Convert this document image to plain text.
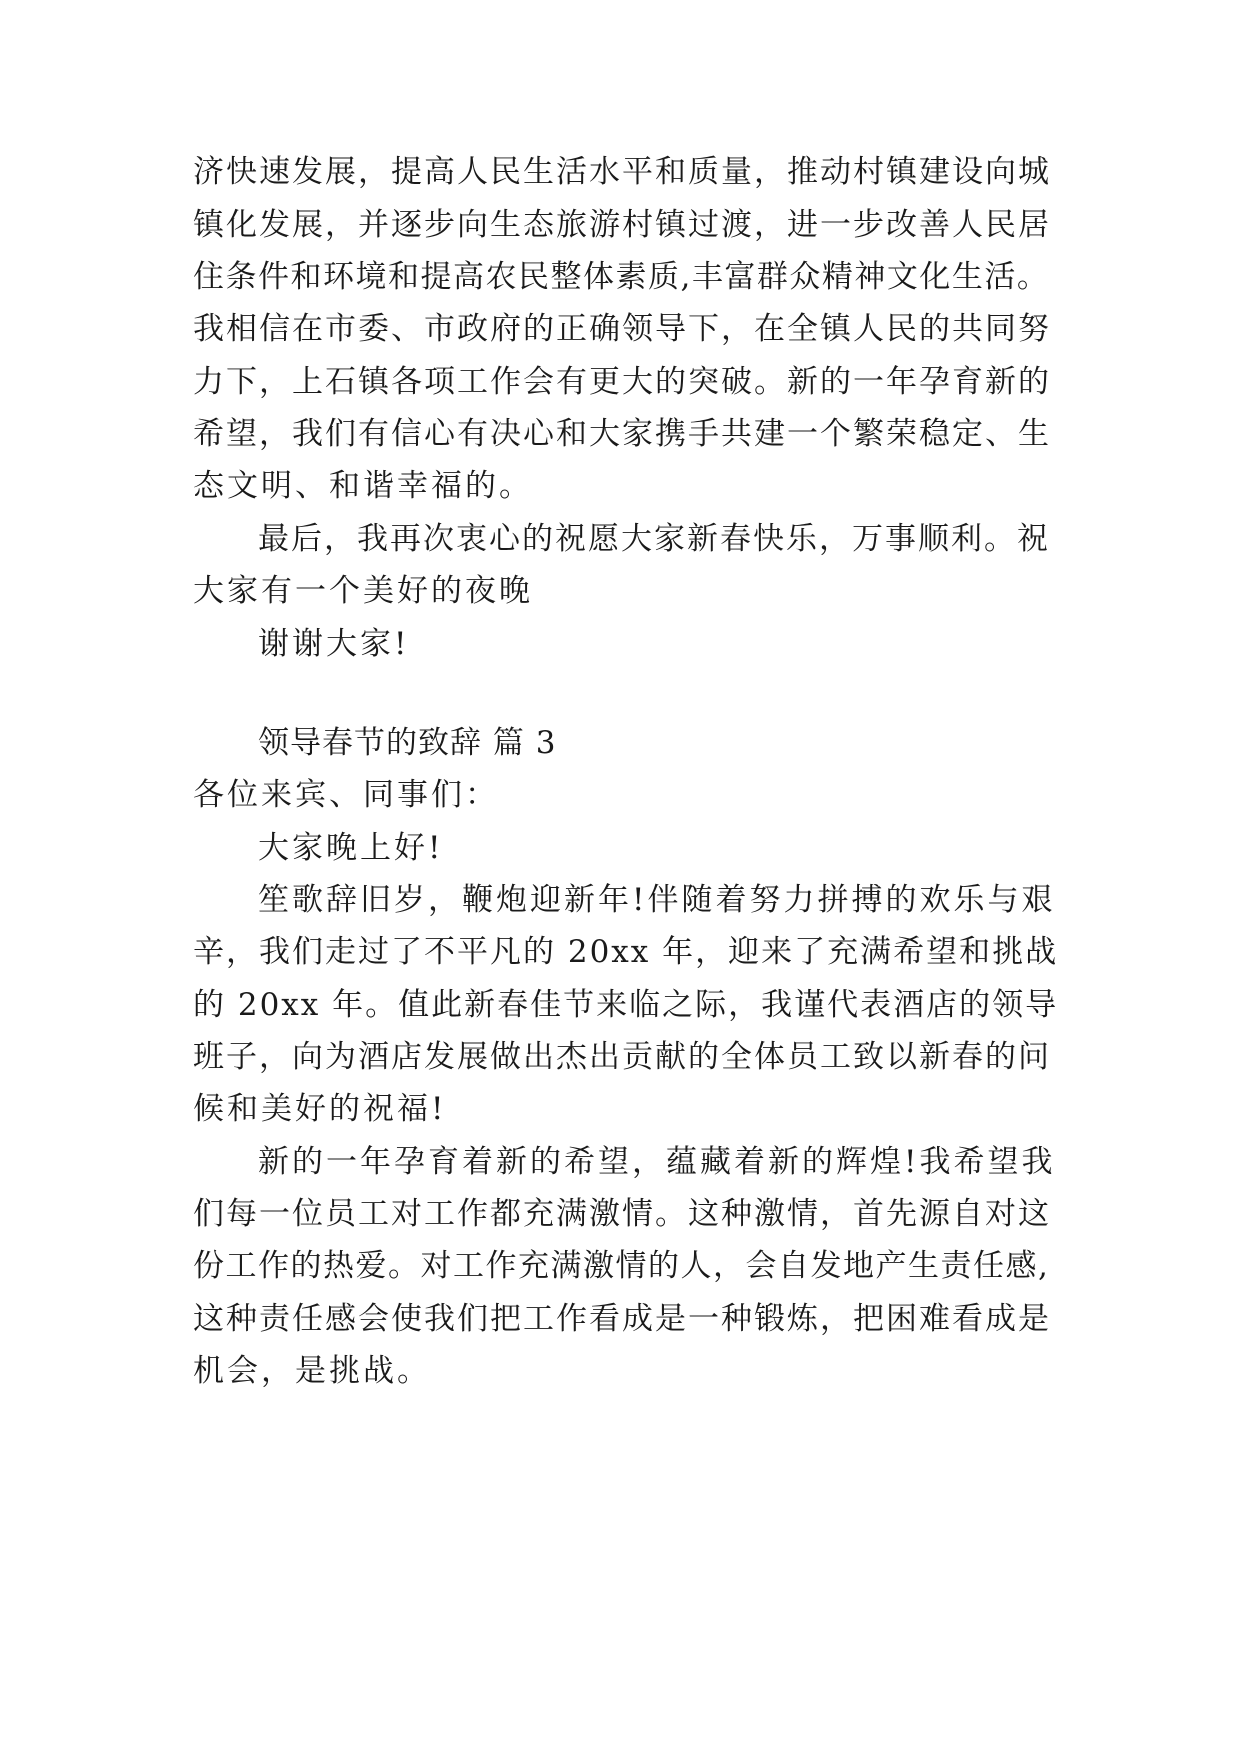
济快速发展，提高人民生活水平和质量，推动村镇建设向城
镇化发展，并逐步向生态旅游村镇过渡，进一步改善人民居
住条件和环境和提高农民整体素质,丰富群众精神文化生活。
我相信在市委、市政府的正确领导下，在全镇人民的共同努
力下，上石镇各项工作会有更大的突破。新的一年孕育新的
希望，我们有信心有决心和大家携手共建一个繁荣稳定、生
态文明、和谐幸福的。
最后，我再次衷心的祝愿大家新春快乐，万事顺利。祝
大家有一个美好的夜晚
谢谢大家!
领导春节的致辞 篇 3
各位来宾、同事们：
大家晚上好!
笙歌辞旧岁，鞭炮迎新年!伴随着努力拼搏的欢乐与艰
辛，我们走过了不平凡的 20xx 年，迎来了充满希望和挑战
的 20xx 年。值此新春佳节来临之际，我谨代表酒店的领导
班子，向为酒店发展做出杰出贡献的全体员工致以新春的问
候和美好的祝福!
新的一年孕育着新的希望，蕴藏着新的辉煌!我希望我
们每一位员工对工作都充满激情。这种激情，首先源自对这
份工作的热爱。对工作充满激情的人，会自发地产生责任感,
这种责任感会使我们把工作看成是一种锻炼，把困难看成是
机会，是挑战。
